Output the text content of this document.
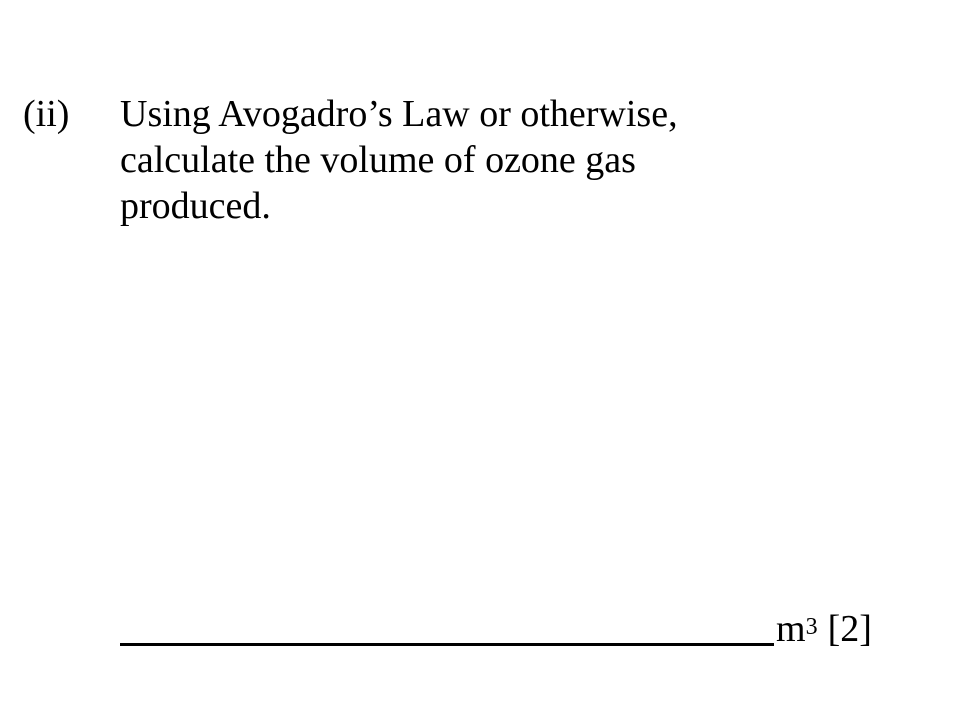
(ii) Using Avogadro’s Law or otherwise,
calculate the volume of ozone gas
produced.
$m^3$ [2]
